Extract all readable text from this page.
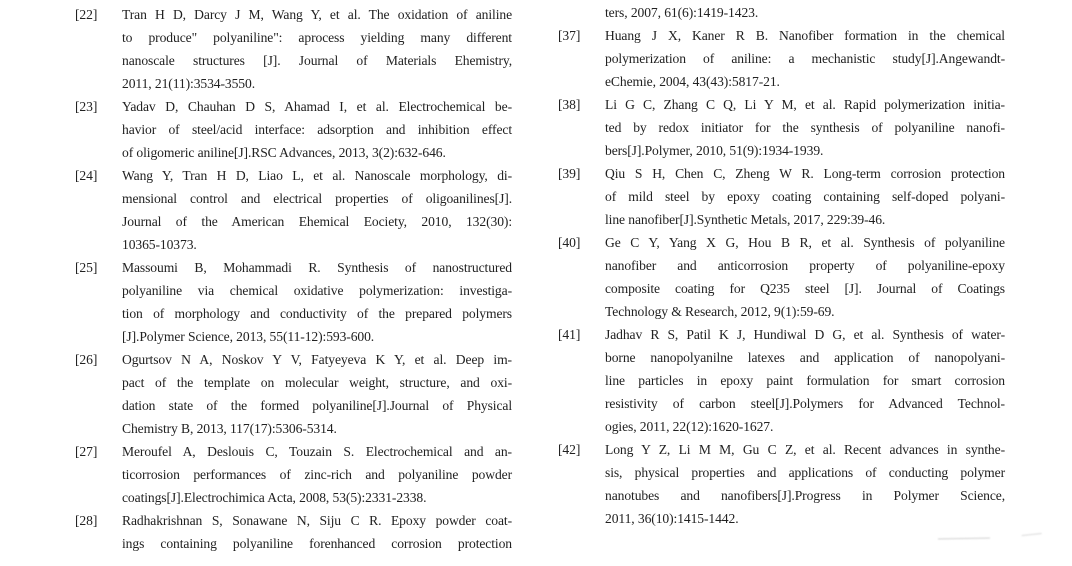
[22]	Tran H D, Darcy J M, Wang Y, et al. The oxidation of aniline
to produce" polyaniline": aprocess yielding many different
nanoscale structures [J]. Journal of Materials Ehemistry,
2011, 21(11):3534-3550.
[23]	Yadav D, Chauhan D S, Ahamad I, et al. Electrochemical be-
havior of steel/acid interface: adsorption and inhibition effect
of oligomeric aniline[J].RSC Advances, 2013, 3(2):632-646.
[24]	Wang Y, Tran H D, Liao L, et al. Nanoscale morphology, di-
mensional control and electrical properties of oligoanilines[J].
Journal of the American Ehemical Eociety, 2010, 132(30):
10365-10373.
[25]	Massoumi B, Mohammadi R. Synthesis of nanostructured
polyaniline via chemical oxidative polymerization: investiga-
tion of morphology and conductivity of the prepared polymers
[J].Polymer Science, 2013, 55(11-12):593-600.
[26]	Ogurtsov N A, Noskov Y V, Fatyeyeva K Y, et al. Deep im-
pact of the template on molecular weight, structure, and oxi-
dation state of the formed polyaniline[J].Journal of Physical
Chemistry B, 2013, 117(17):5306-5314.
[27]	Meroufel A, Deslouis C, Touzain S. Electrochemical and an-
ticorrosion performances of zinc-rich and polyaniline powder
coatings[J].Electrochimica Acta, 2008, 53(5):2331-2338.
[28]	Radhakrishnan S, Sonawane N, Siju C R. Epoxy powder coat-
ings containing polyaniline forenhanced corrosion protection
ters, 2007, 61(6):1419-1423.
[37]	Huang J X, Kaner R B. Nanofiber formation in the chemical
polymerization of aniline: a mechanistic study[J].Angewandt-
eChemie, 2004, 43(43):5817-21.
[38]	Li G C, Zhang C Q, Li Y M, et al. Rapid polymerization initia-
ted by redox initiator for the synthesis of polyaniline nanofi-
bers[J].Polymer, 2010, 51(9):1934-1939.
[39]	Qiu S H, Chen C, Zheng W R. Long-term corrosion protection
of mild steel by epoxy coating containing self-doped polyani-
line nanofiber[J].Synthetic Metals, 2017, 229:39-46.
[40]	Ge C Y, Yang X G, Hou B R, et al. Synthesis of polyaniline
nanofiber and anticorrosion property of polyaniline-epoxy
composite coating for Q235 steel [J]. Journal of Coatings
Technology & Research, 2012, 9(1):59-69.
[41]	Jadhav R S, Patil K J, Hundiwal D G, et al. Synthesis of water-
borne nanopolyanilne latexes and application of nanopolyani-
line particles in epoxy paint formulation for smart corrosion
resistivity of carbon steel[J].Polymers for Advanced Technol-
ogies, 2011, 22(12):1620-1627.
[42]	Long Y Z, Li M M, Gu C Z, et al. Recent advances in synthe-
sis, physical properties and applications of conducting polymer
nanotubes and nanofibers[J].Progress in Polymer Science,
2011, 36(10):1415-1442.
